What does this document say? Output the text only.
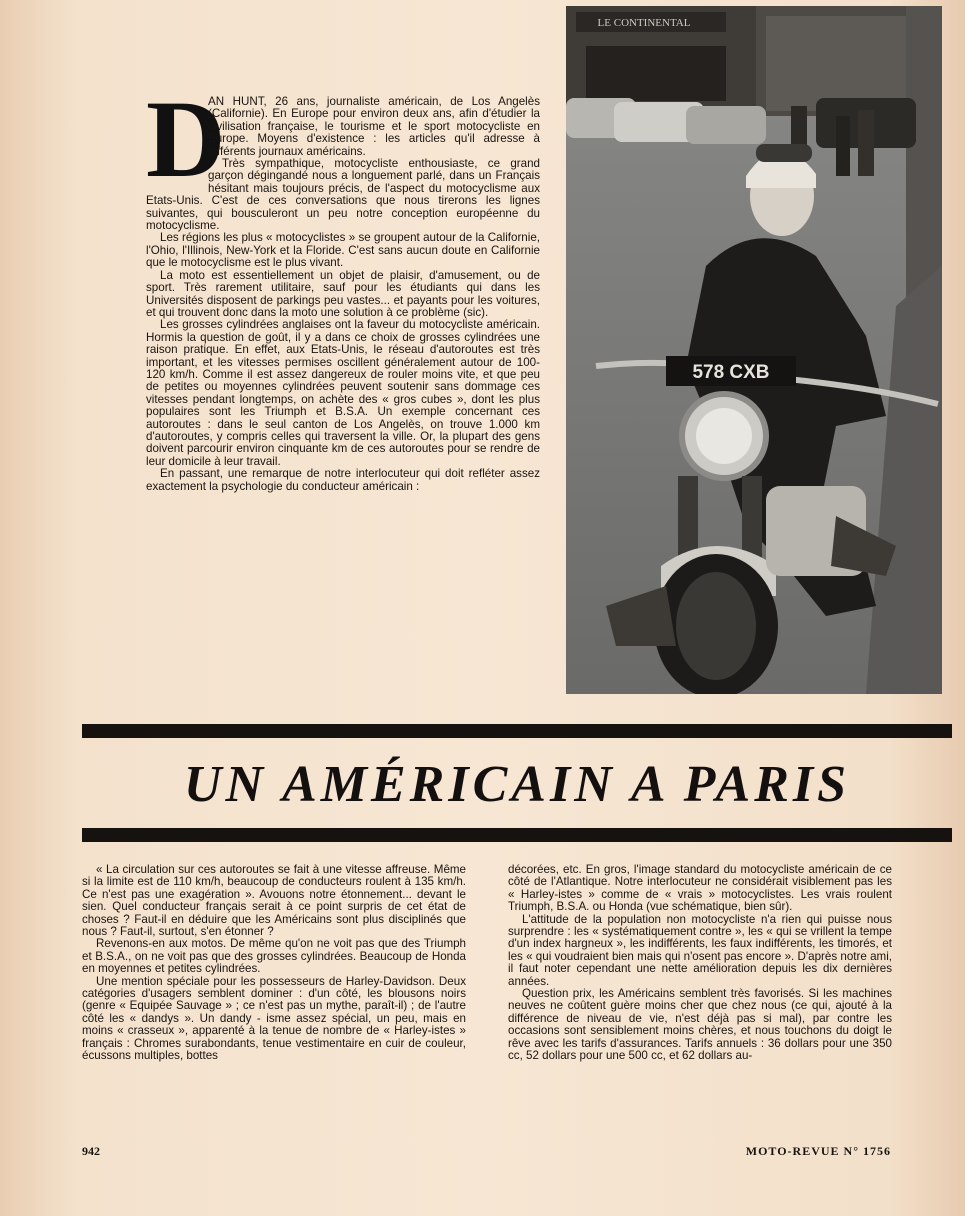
LE CONTINENTAL
578 CXB
D

AN HUNT, 26 ans, journaliste américain, de Los Angelès (Californie). En Europe pour environ deux ans, afin d'étudier la civilisation française, le tourisme et le sport motocycliste en Europe. Moyens d'existence : les articles qu'il adresse à différents journaux américains.

Très sympathique, motocycliste enthousiaste, ce grand garçon dégingandé nous a longuement parlé, dans un Français hésitant mais toujours précis, de l'aspect du motocyclisme aux Etats-Unis. C'est de ces conversations que nous tirerons les lignes suivantes, qui bousculeront un peu notre conception européenne du motocyclisme.

Les régions les plus « motocyclistes » se groupent autour de la Californie, l'Ohio, l'Illinois, New-York et la Floride. C'est sans aucun doute en Californie que le motocyclisme est le plus vivant.

La moto est essentiellement un objet de plaisir, d'amusement, ou de sport. Très rarement utilitaire, sauf pour les étudiants qui dans les Universités disposent de parkings peu vastes... et payants pour les voitures, et qui trouvent donc dans la moto une solution à ce problème (sic).

Les grosses cylindrées anglaises ont la faveur du motocycliste américain. Hormis la question de goût, il y a dans ce choix de grosses cylindrées une raison pratique. En effet, aux Etats-Unis, le réseau d'autoroutes est très important, et les vitesses permises oscillent généralement autour de 100-120 km/h. Comme il est assez dangereux de rouler moins vite, et que peu de petites ou moyennes cylindrées peuvent soutenir sans dommage ces vitesses pendant longtemps, on achète des « gros cubes », dont les plus populaires sont les Triumph et B.S.A. Un exemple concernant ces autoroutes : dans le seul canton de Los Angelès, on trouve 1.000 km d'autoroutes, y compris celles qui traversent la ville. Or, la plupart des gens doivent parcourir environ cinquante km de ces autoroutes pour se rendre de leur domicile à leur travail.

En passant, une remarque de notre interlocuteur qui doit refléter assez exactement la psychologie du conducteur américain :

UN AMÉRICAIN A PARIS

« La circulation sur ces autoroutes se fait à une vitesse affreuse. Même si la limite est de 110 km/h, beaucoup de conducteurs roulent à 135 km/h. Ce n'est pas une exagération ». Avouons notre étonnement... devant le sien. Quel conducteur français serait à ce point surpris de cet état de choses ? Faut-il en déduire que les Américains sont plus disciplinés que nous ? Faut-il, surtout, s'en étonner ?

Revenons-en aux motos. De même qu'on ne voit pas que des Triumph et B.S.A., on ne voit pas que des grosses cylindrées. Beaucoup de Honda en moyennes et petites cylindrées.

Une mention spéciale pour les possesseurs de Harley-Davidson. Deux catégories d'usagers semblent dominer : d'un côté, les blousons noirs (genre « Equipée Sauvage » ; ce n'est pas un mythe, paraît-il) ; de l'autre côté les « dandys ». Un dandy - isme assez spécial, un peu, mais en moins « crasseux », apparenté à la tenue de nombre de « Harley-istes » français : Chromes surabondants, tenue vestimentaire en cuir de couleur, écussons multiples, bottes

décorées, etc. En gros, l'image standard du motocycliste américain de ce côté de l'Atlantique. Notre interlocuteur ne considérait visiblement pas les « Harley-istes » comme de « vrais » motocyclistes. Les vrais roulent Triumph, B.S.A. ou Honda (vue schématique, bien sûr).

L'attitude de la population non motocycliste n'a rien qui puisse nous surprendre : les « systématiquement contre », les « qui se vrillent la tempe d'un index hargneux », les indifférents, les faux indifférents, les timorés, et les « qui voudraient bien mais qui n'osent pas encore ». D'après notre ami, il faut noter cependant une nette amélioration depuis les dix dernières années.

Question prix, les Américains semblent très favorisés. Si les machines neuves ne coûtent guère moins cher que chez nous (ce qui, ajouté à la différence de niveau de vie, n'est déjà pas si mal), par contre les occasions sont sensiblement moins chères, et nous touchons du doigt le rêve avec les tarifs d'assurances. Tarifs annuels : 36 dollars pour une 350 cc, 52 dollars pour une 500 cc, et 62 dollars au-

942	MOTO-REVUE N° 1756
